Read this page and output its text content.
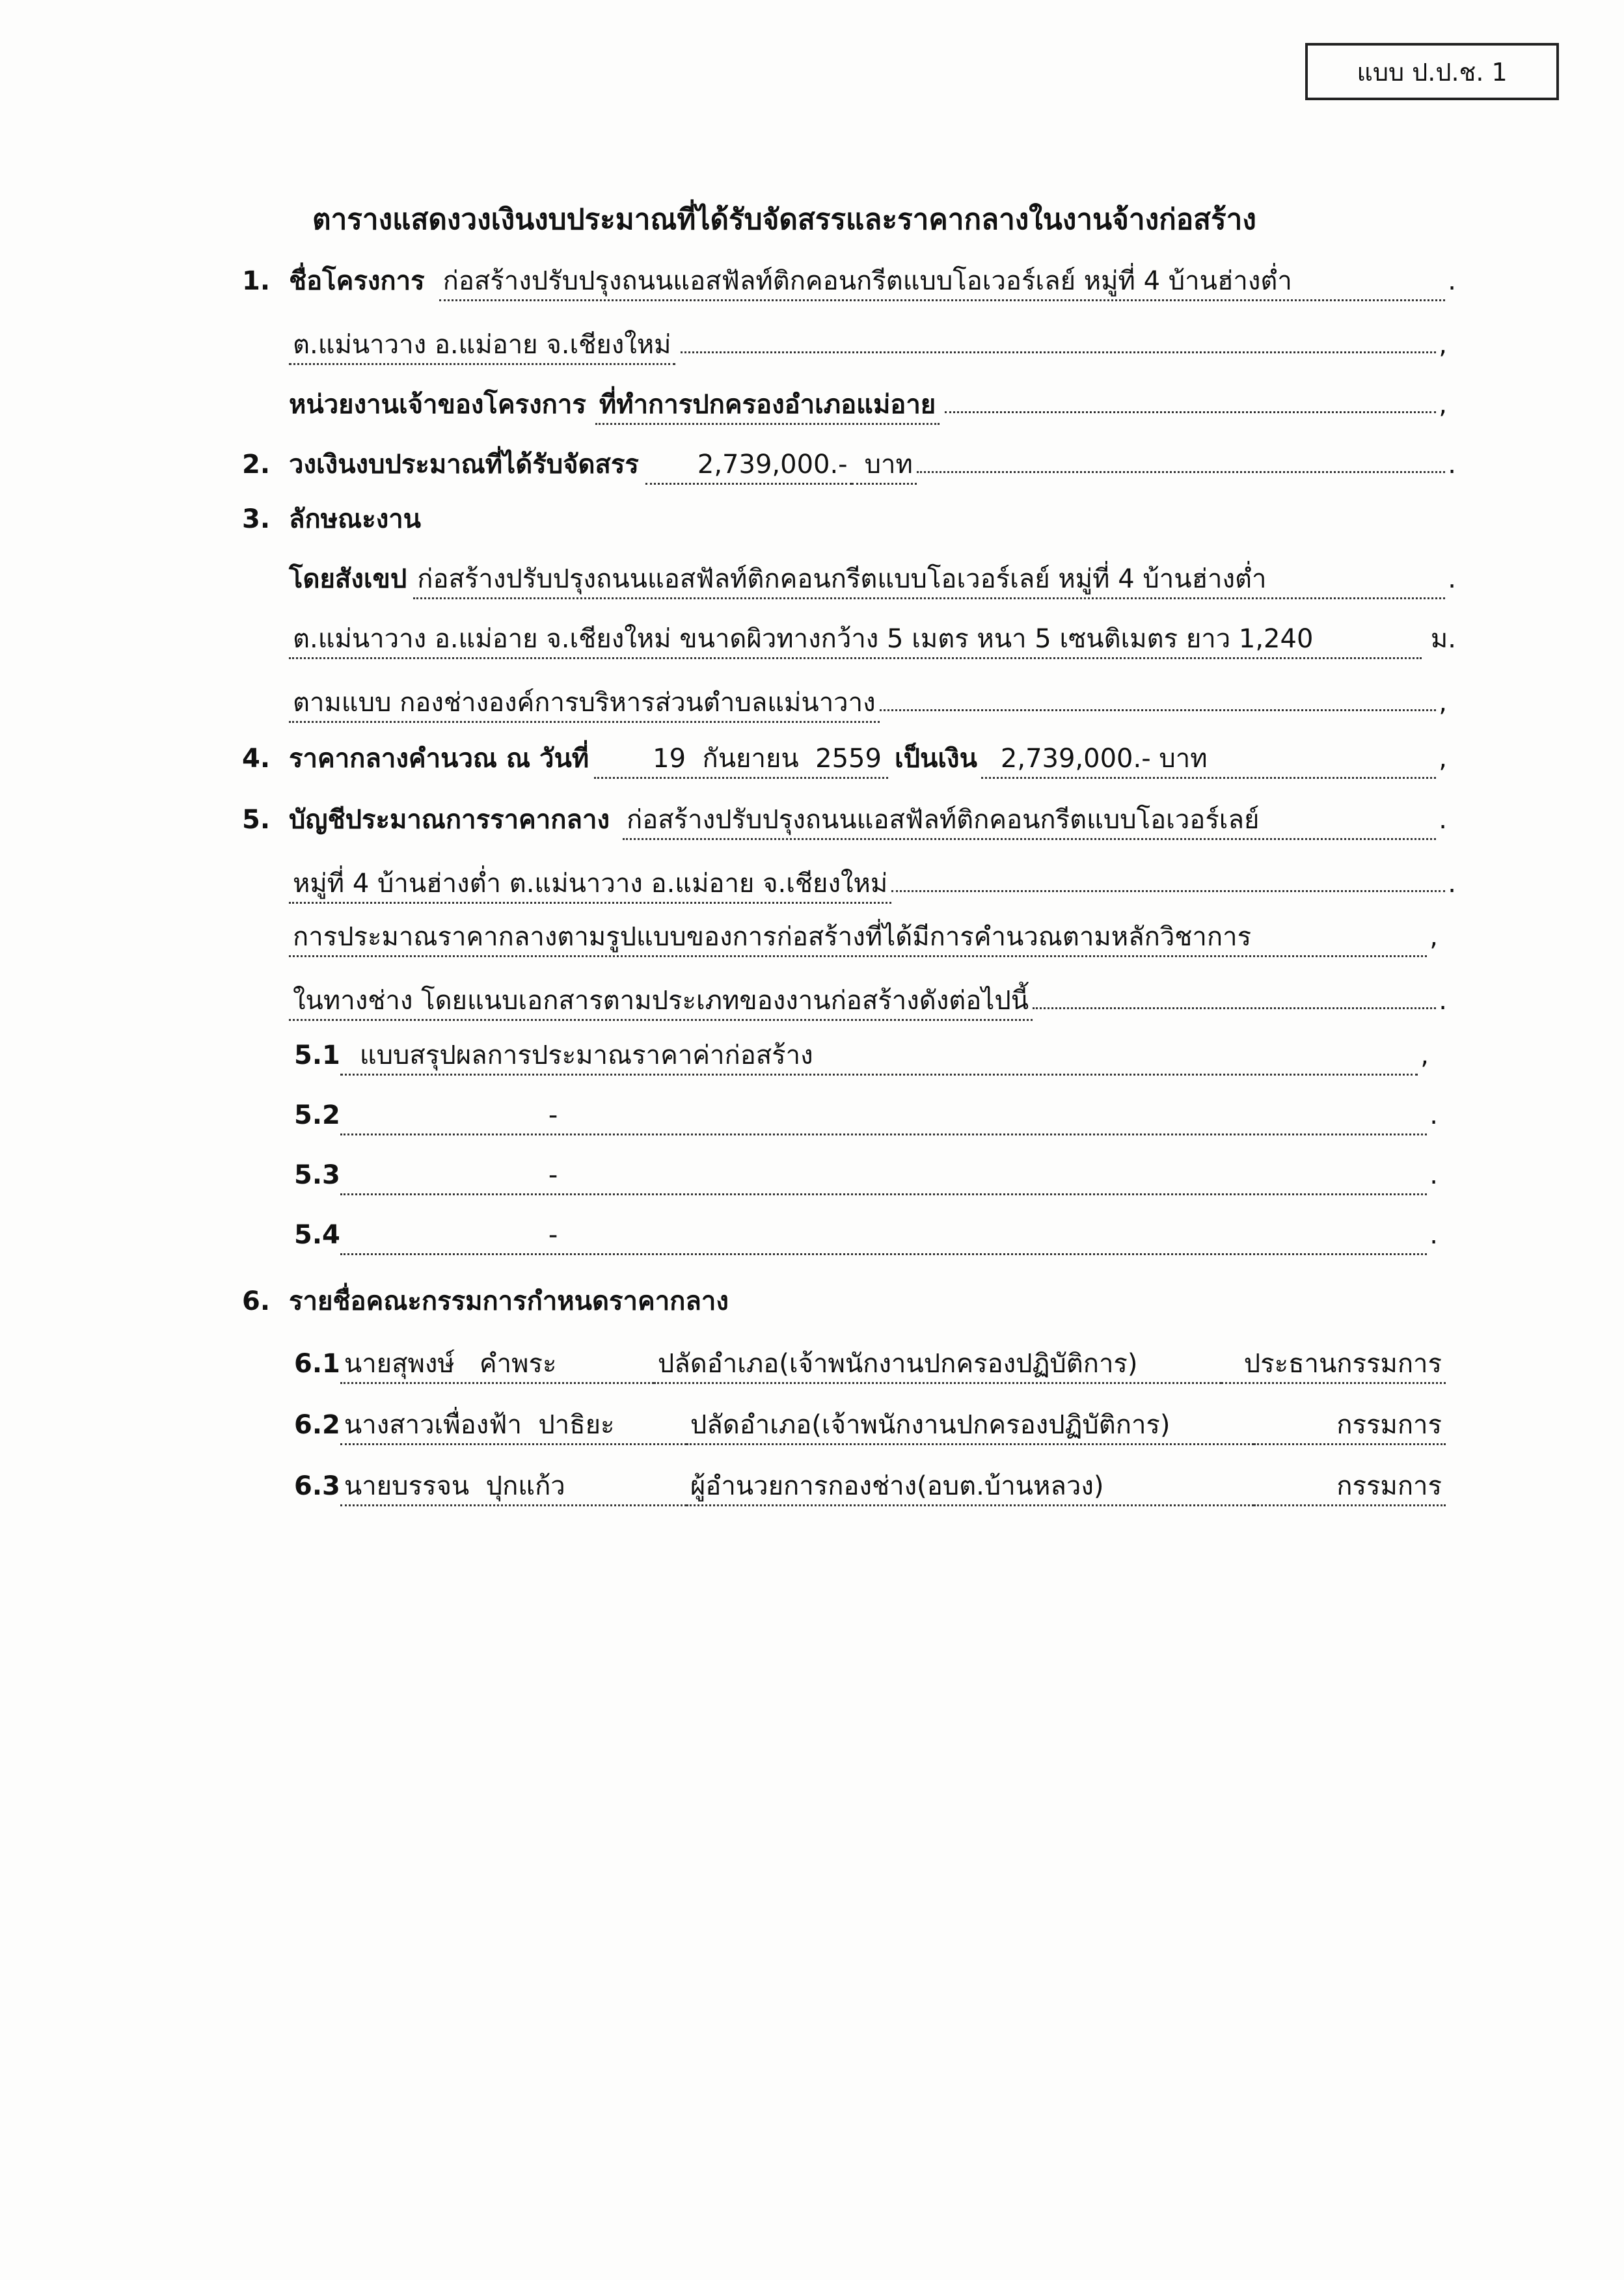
แบบ ป.ป.ช. 1
ตารางแสดงวงเงินงบประมาณที่ได้รับจัดสรรและราคากลางในงานจ้างก่อสร้าง
1. ชื่อโครงการ ก่อสร้างปรับปรุงถนนแอสฟัลท์ติกคอนกรีตแบบโอเวอร์เลย์ หมู่ที่ 4 บ้านฮ่างต่ำ	.
ต.แม่นาวาง อ.แม่อาย จ.เชียงใหม่	,
หน่วยงานเจ้าของโครงการ ที่ทำการปกครองอำเภอแม่อาย	,
2. วงเงินงบประมาณที่ได้รับจัดสรร	2,739,000.- บาท	.
3. ลักษณะงาน
โดยสังเขป ก่อสร้างปรับปรุงถนนแอสฟัลท์ติกคอนกรีตแบบโอเวอร์เลย์ หมู่ที่ 4 บ้านฮ่างต่ำ	.
ต.แม่นาวาง อ.แม่อาย จ.เชียงใหม่ ขนาดผิวทางกว้าง 5 เมตร หนา 5 เซนติเมตร ยาว 1,240	ม.
ตามแบบ กองช่างองค์การบริหารส่วนตำบลแม่นาวาง	,
4. ราคากลางคำนวณ ณ วันที่	19  กันยายน  2559 เป็นเงิน 2,739,000.- บาท	,
5. บัญชีประมาณการราคากลาง ก่อสร้างปรับปรุงถนนแอสฟัลท์ติกคอนกรีตแบบโอเวอร์เลย์	.
หมู่ที่ 4 บ้านฮ่างต่ำ ต.แม่นาวาง อ.แม่อาย จ.เชียงใหม่	.
การประมาณราคากลางตามรูปแบบของการก่อสร้างที่ได้มีการคำนวณตามหลักวิชาการ	,
ในทางช่าง โดยแนบเอกสารตามประเภทของงานก่อสร้างดังต่อไปนี้	.
5.1 แบบสรุปผลการประมาณราคาค่าก่อสร้าง	,
5.2	-	.
5.3	-	.
5.4	-	.
6. รายชื่อคณะกรรมการกำหนดราคากลาง
6.1 นายสุพงษ์   คำพระ	ปลัดอำเภอ(เจ้าพนักงานปกครองปฏิบัติการ)	ประธานกรรมการ
6.2 นางสาวเพื่องฟ้า  ปาธิยะ	ปลัดอำเภอ(เจ้าพนักงานปกครองปฏิบัติการ)	กรรมการ
6.3 นายบรรจน  ปุกแก้ว	ผู้อำนวยการกองช่าง(อบต.บ้านหลวง)	กรรมการ
